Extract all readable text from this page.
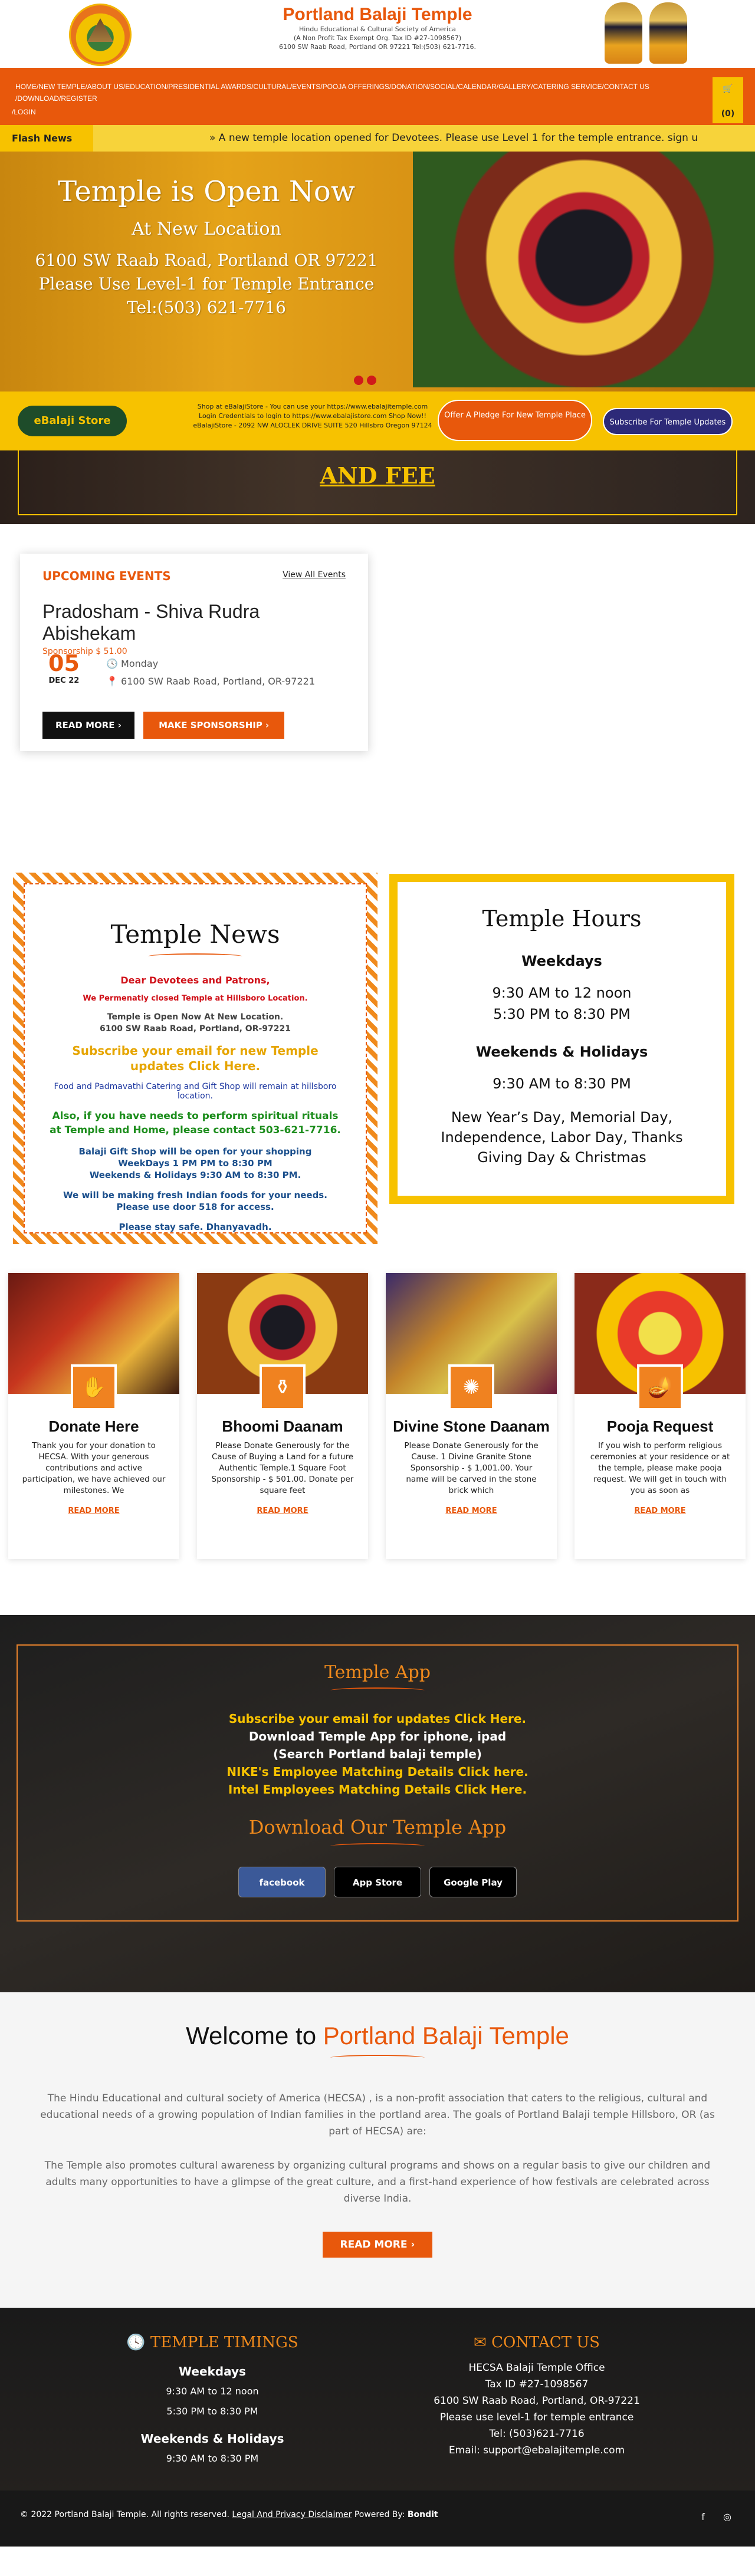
Portland Balaji Temple
Hindu Educational & Cultural Society of America
(A Non Profit Tax Exempt Org. Tax ID #27-1098567)
6100 SW Raab Road, Portland OR 97221 Tel:(503) 621-7716.
HOME /NEW TEMPLE /ABOUT US /EDUCATION /PRESIDENTIAL AWARDS /CULTURAL /EVENTS /POOJA OFFERINGS /DONATION /SOCIAL /CALENDAR /GALLERY /CATERING SERVICE /CONTACT US
/DOWNLOAD /REGISTER
/LOGIN
🛒
(0)
Flash News	» A new temple location opened for Devotees. Please use Level 1 for the temple entrance. sign u
Temple is Open Now
At New Location
6100 SW Raab Road, Portland OR 97221
Please Use Level-1 for Temple Entrance
Tel:(503) 621-7716
eBalaji Store
Shop at eBalajiStore - You can use your https://www.ebalajitemple.com
Login Credentials to login to https://www.ebalajistore.com Shop Now!!
eBalajiStore - 2092 NW ALOCLEK DRIVE SUITE 520 Hillsbro Oregon 97124
Offer A Pledge For New Temple Place
Subscribe For Temple Updates
AND FEE
UPCOMING EVENTS	View All Events
Pradosham - Shiva Rudra Abishekam
Sponsorship $ 51.00
05
DEC 22
🕓 Monday
📍 6100 SW Raab Road, Portland, OR-97221
READ MORE ›	MAKE SPONSORSHIP ›
Temple News

Dear Devotees and Patrons,

We Permenatly closed Temple at Hillsboro Location.

Temple is Open Now At New Location.
6100 SW Raab Road, Portland, OR-97221

Subscribe your email for new Temple updates Click Here.

Food and Padmavathi Catering and Gift Shop will remain at hillsboro location.

Also, if you have needs to perform spiritual rituals at Temple and Home, please contact 503-621-7716.

Balaji Gift Shop will be open for your shopping
WeekDays 1 PM PM to 8:30 PM
Weekends & Holidays 9:30 AM to 8:30 PM.

We will be making fresh Indian foods for your needs. Please use door 518 for access.

Please stay safe. Dhanyavadh.

Temple Hours
Weekdays
9:30 AM to 12 noon
5:30 PM to 8:30 PM
Weekends & Holidays
9:30 AM to 8:30 PM
New Year’s Day, Memorial Day, Independence, Labor Day, Thanks Giving Day & Christmas
✋
Donate Here
Thank you for your donation to HECSA. With your generous contributions and active participation, we have achieved our milestones. We
READ MORE
⚱
Bhoomi Daanam
Please Donate Generously for the Cause of Buying a Land for a future Authentic Temple.1 Square Foot Sponsorship - $ 501.00. Donate per square feet
READ MORE
✺
Divine Stone Daanam
Please Donate Generously for the Cause. 1 Divine Granite Stone Sponsorship - $ 1,001.00. Your name will be carved in the stone brick which
READ MORE
🪔
Pooja Request
If you wish to perform religious ceremonies at your residence or at the temple, please make pooja request. We will get in touch with you as soon as
READ MORE
Temple App
Subscribe your email for updates Click Here.
Download Temple App for iphone, ipad
(Search Portland balaji temple)
NIKE's Employee Matching Details Click here.
Intel Employees Matching Details Click Here.
Download Our Temple App
facebook	App Store	Google Play
Welcome to Portland Balaji Temple

The Hindu Educational and cultural society of America (HECSA) , is a non-profit association that caters to the religious, cultural and educational needs of a growing population of Indian families in the portland area. The goals of Portland Balaji temple Hillsboro, OR (as part of HECSA) are:

The Temple also promotes cultural awareness by organizing cultural programs and shows on a regular basis to give our children and adults many opportunities to have a glimpse of the great culture, and a first-hand experience of how festivals are celebrated across diverse India.

READ MORE ›
🕓 TEMPLE TIMINGS
Weekdays
9:30 AM to 12 noon
5:30 PM to 8:30 PM
Weekends & Holidays
9:30 AM to 8:30 PM
✉ CONTACT US
HECSA Balaji Temple Office
Tax ID #27-1098567
6100 SW Raab Road, Portland, OR-97221
Please use level-1 for temple entrance
Tel: (503)621-7716
Email: support@ebalajitemple.com
© 2022 Portland Balaji Temple. All rights reserved. Legal And Privacy Disclaimer Powered By: Bondit	f ◎
